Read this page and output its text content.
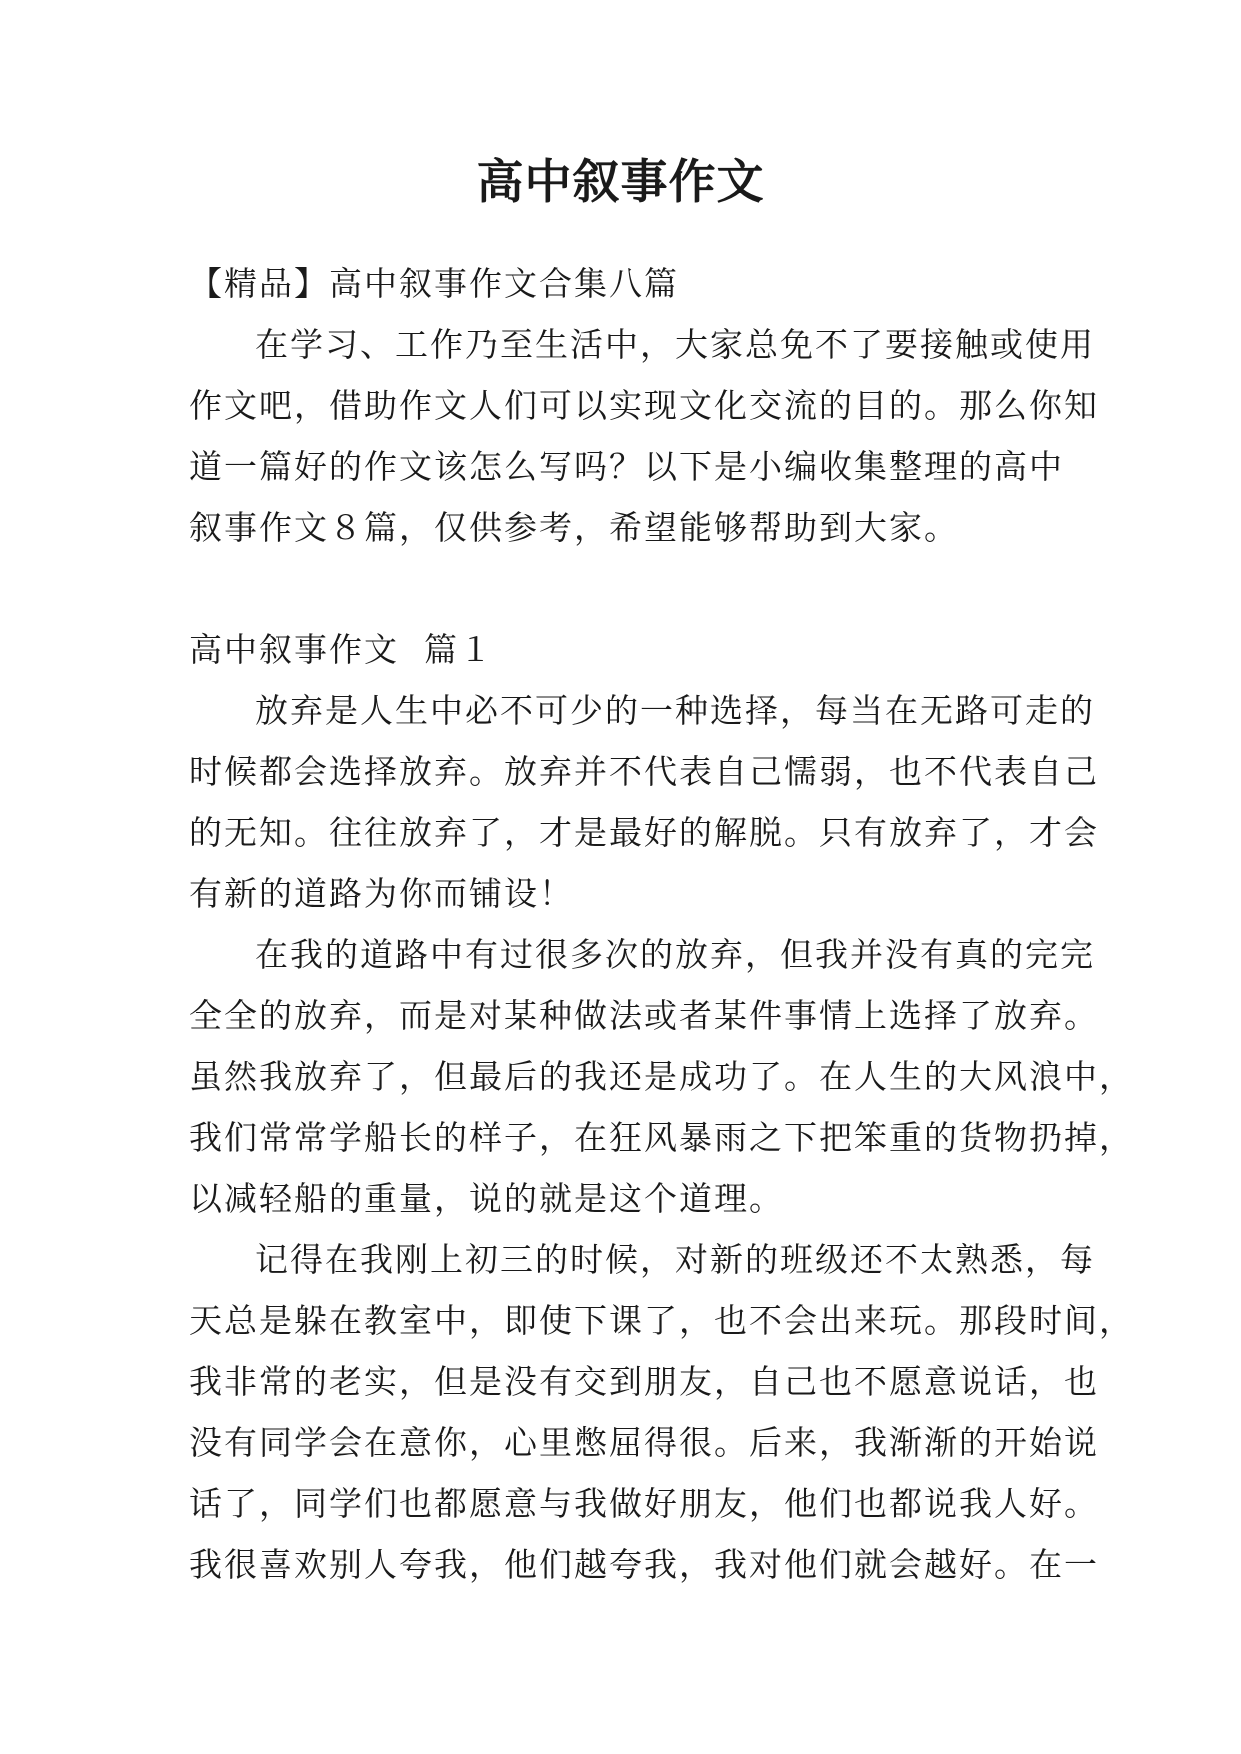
高中叙事作文
【精品】高中叙事作文合集八篇
在学习、工作乃至生活中，大家总免不了要接触或使用
作文吧，借助作文人们可以实现文化交流的目的。那么你知
道一篇好的作文该怎么写吗？以下是小编收集整理的高中
叙事作文８篇，仅供参考，希望能够帮助到大家。
高中叙事作文  篇１
放弃是人生中必不可少的一种选择，每当在无路可走的
时候都会选择放弃。放弃并不代表自己懦弱，也不代表自己
的无知。往往放弃了，才是最好的解脱。只有放弃了，才会
有新的道路为你而铺设！
在我的道路中有过很多次的放弃，但我并没有真的完完
全全的放弃，而是对某种做法或者某件事情上选择了放弃。
虽然我放弃了，但最后的我还是成功了。在人生的大风浪中，
我们常常学船长的样子，在狂风暴雨之下把笨重的货物扔掉，
以减轻船的重量，说的就是这个道理。
记得在我刚上初三的时候，对新的班级还不太熟悉，每
天总是躲在教室中，即使下课了，也不会出来玩。那段时间，
我非常的老实，但是没有交到朋友，自己也不愿意说话，也
没有同学会在意你，心里憋屈得很。后来，我渐渐的开始说
话了，同学们也都愿意与我做好朋友，他们也都说我人好。
我很喜欢别人夸我，他们越夸我，我对他们就会越好。在一
